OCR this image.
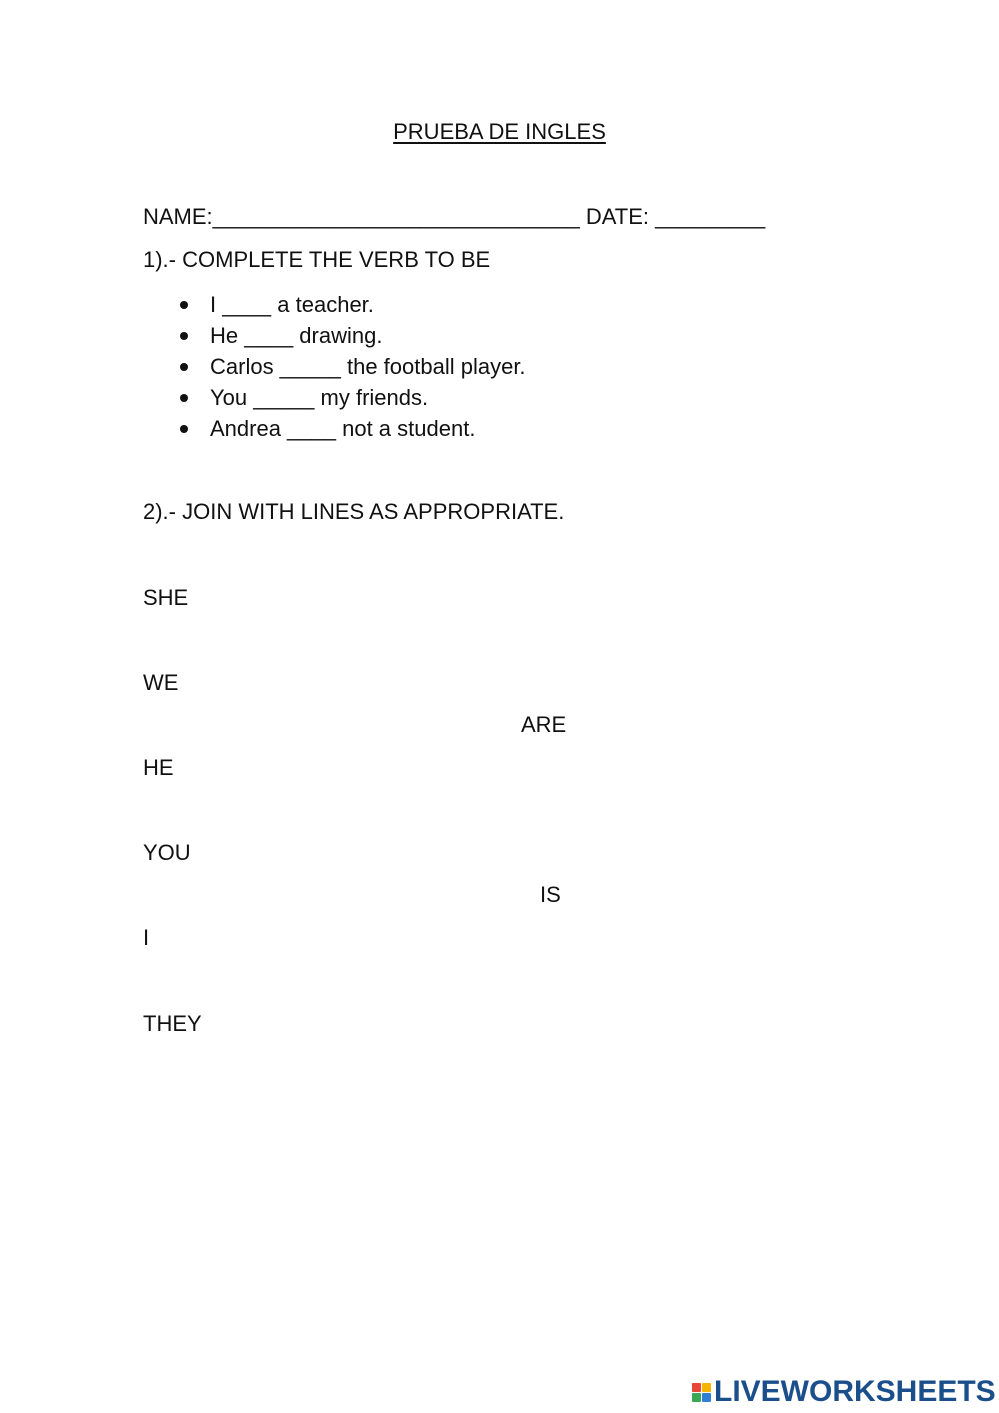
PRUEBA DE INGLES
NAME:______________________________ DATE: _________
1).- COMPLETE THE VERB TO BE
I ____ a teacher.
He ____ drawing.
Carlos _____ the football player.
You _____ my friends.
Andrea ____ not a student.
2).- JOIN WITH LINES AS APPROPRIATE.
SHE
WE
HE
YOU
I
THEY
ARE
IS
LIVEWORKSHEETS
